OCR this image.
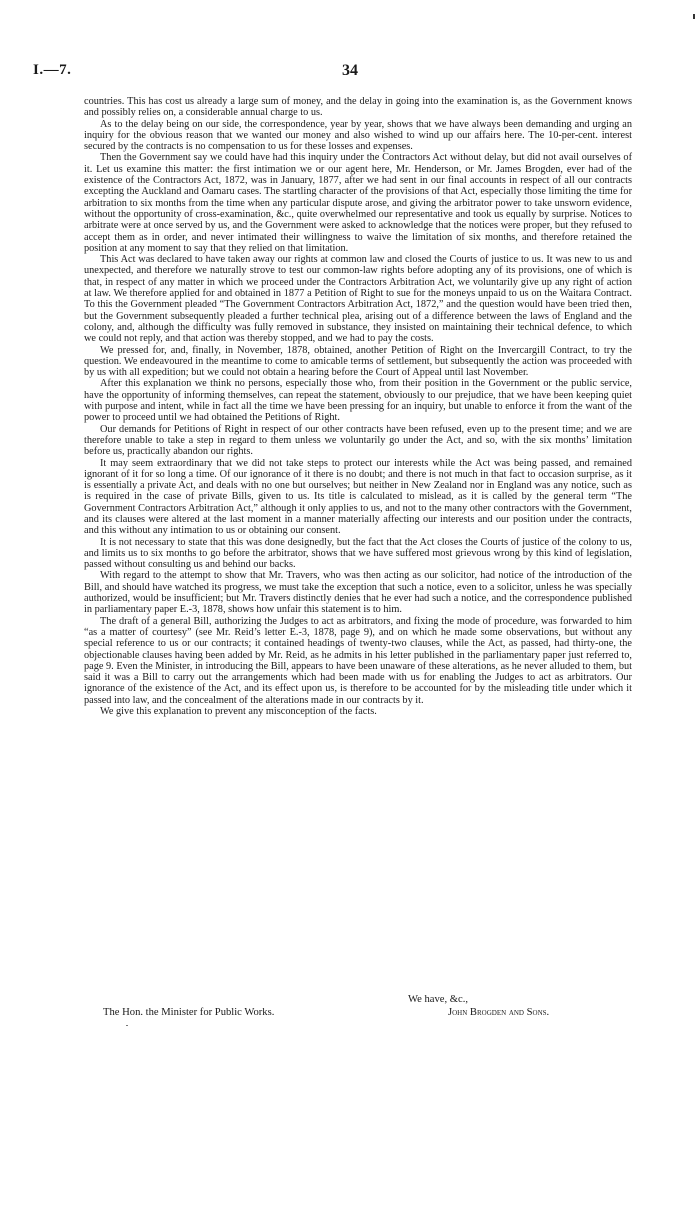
I.—7.	34

countries. This has cost us already a large sum of money, and the delay in going into the examination is, as the Government knows and possibly relies on, a considerable annual charge to us.

As to the delay being on our side, the correspondence, year by year, shows that we have always been demanding and urging an inquiry for the obvious reason that we wanted our money and also wished to wind up our affairs here. The 10-per-cent. interest secured by the contracts is no compensation to us for these losses and expenses.

Then the Government say we could have had this inquiry under the Contractors Act without delay, but did not avail ourselves of it. Let us examine this matter: the first intimation we or our agent here, Mr. Henderson, or Mr. James Brogden, ever had of the existence of the Contractors Act, 1872, was in January, 1877, after we had sent in our final accounts in respect of all our contracts excepting the Auckland and Oamaru cases. The startling character of the provisions of that Act, especially those limiting the time for arbitration to six months from the time when any particular dispute arose, and giving the arbitrator power to take unsworn evidence, without the opportunity of cross-examination, &c., quite overwhelmed our representative and took us equally by surprise. Notices to arbitrate were at once served by us, and the Government were asked to acknowledge that the notices were proper, but they refused to accept them as in order, and never intimated their willingness to waive the limitation of six months, and therefore retained the position at any moment to say that they relied on that limitation.

This Act was declared to have taken away our rights at common law and closed the Courts of justice to us. It was new to us and unexpected, and therefore we naturally strove to test our common-law rights before adopting any of its provisions, one of which is that, in respect of any matter in which we proceed under the Contractors Arbitration Act, we voluntarily give up any right of action at law. We therefore applied for and obtained in 1877 a Petition of Right to sue for the moneys unpaid to us on the Waitara Contract. To this the Government pleaded “The Government Contractors Arbitration Act, 1872,” and the question would have been tried then, but the Government subsequently pleaded a further technical plea, arising out of a difference between the laws of England and the colony, and, although the difficulty was fully removed in substance, they insisted on maintaining their technical defence, to which we could not reply, and that action was thereby stopped, and we had to pay the costs.

We pressed for, and, finally, in November, 1878, obtained, another Petition of Right on the Invercargill Contract, to try the question. We endeavoured in the meantime to come to amicable terms of settlement, but subsequently the action was proceeded with by us with all expedition; but we could not obtain a hearing before the Court of Appeal until last November.

After this explanation we think no persons, especially those who, from their position in the Government or the public service, have the opportunity of informing themselves, can repeat the statement, obviously to our prejudice, that we have been keeping quiet with purpose and intent, while in fact all the time we have been pressing for an inquiry, but unable to enforce it from the want of the power to proceed until we had obtained the Petitions of Right.

Our demands for Petitions of Right in respect of our other contracts have been refused, even up to the present time; and we are therefore unable to take a step in regard to them unless we voluntarily go under the Act, and so, with the six months’ limitation before us, practically abandon our rights.

It may seem extraordinary that we did not take steps to protect our interests while the Act was being passed, and remained ignorant of it for so long a time. Of our ignorance of it there is no doubt; and there is not much in that fact to occasion surprise, as it is essentially a private Act, and deals with no one but ourselves; but neither in New Zealand nor in England was any notice, such as is required in the case of private Bills, given to us. Its title is calculated to mislead, as it is called by the general term “The Government Contractors Arbitration Act,” although it only applies to us, and not to the many other contractors with the Government, and its clauses were altered at the last moment in a manner materially affecting our interests and our position under the contracts, and this without any intimation to us or obtaining our consent.

It is not necessary to state that this was done designedly, but the fact that the Act closes the Courts of justice of the colony to us, and limits us to six months to go before the arbitrator, shows that we have suffered most grievous wrong by this kind of legislation, passed without consulting us and behind our backs.

With regard to the attempt to show that Mr. Travers, who was then acting as our solicitor, had notice of the introduction of the Bill, and should have watched its progress, we must take the exception that such a notice, even to a solicitor, unless he was specially authorized, would be insufficient; but Mr. Travers distinctly denies that he ever had such a notice, and the correspondence published in parliamentary paper E.-3, 1878, shows how unfair this statement is to him.

The draft of a general Bill, authorizing the Judges to act as arbitrators, and fixing the mode of procedure, was forwarded to him “as a matter of courtesy” (see Mr. Reid’s letter E.-3, 1878, page 9), and on which he made some observations, but without any special reference to us or our contracts; it contained headings of twenty-two clauses, while the Act, as passed, had thirty-one, the objectionable clauses having been added by Mr. Reid, as he admits in his letter published in the parliamentary paper just referred to, page 9. Even the Minister, in introducing the Bill, appears to have been unaware of these alterations, as he never alluded to them, but said it was a Bill to carry out the arrangements which had been made with us for enabling the Judges to act as arbitrators. Our ignorance of the existence of the Act, and its effect upon us, is therefore to be accounted for by the misleading title under which it passed into law, and the concealment of the alterations made in our contracts by it.

We give this explanation to prevent any misconception of the facts.

We have, &c.,
The Hon. the Minister for Public Works.	John Brogden and Sons.
